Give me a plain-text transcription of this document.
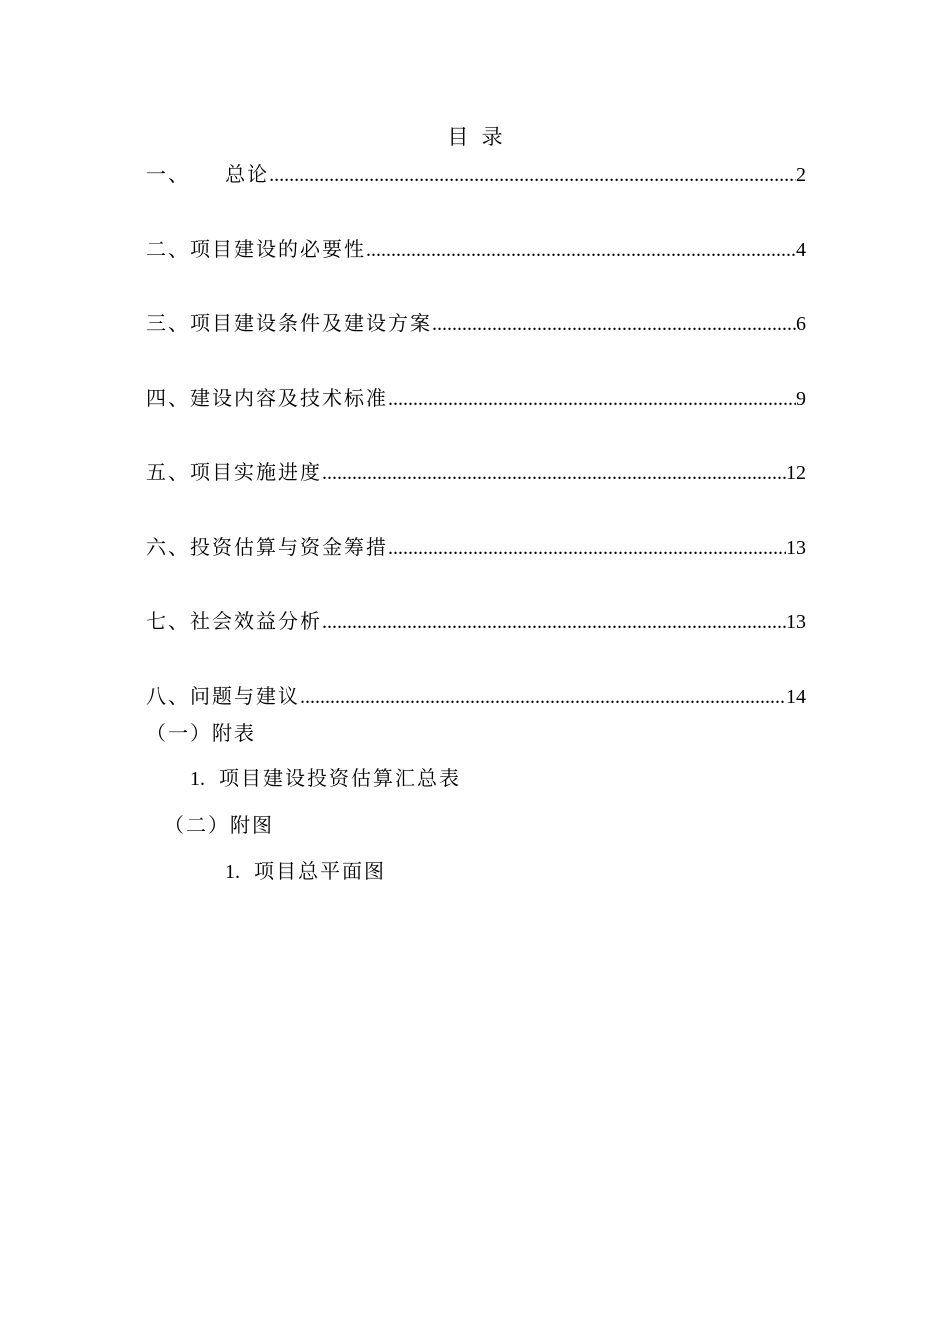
目  录
一、 总论 .....	2
二、 项目建设的必要性 .....	4
三、 项目建设条件及建设方案 .....	6
四、 建设内容及技术标准 .....	9
五、 项目实施进度 .....	12
六、 投资估算与资金筹措 .....	13
七、 社会效益分析 .....	13
八、 问题与建议 .....	14
（一）附表
1. 项目建设投资估算汇总表
（二）附图
1. 项目总平面图
